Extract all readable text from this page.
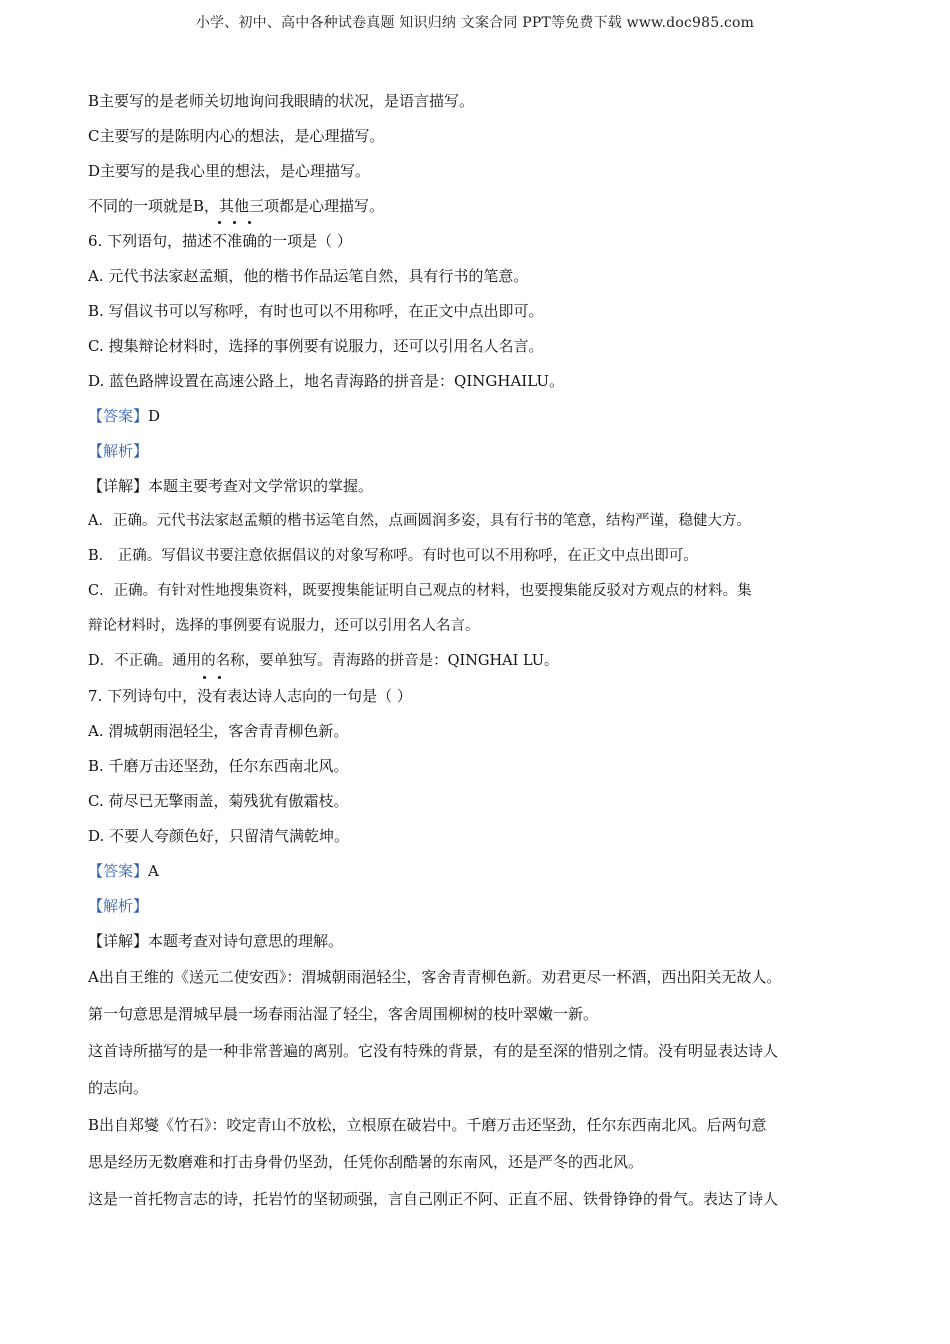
小学、初中、高中各种试卷真题 知识归纳 文案合同 PPT等免费下载 www.doc985.com
B主要写的是老师关切地询问我眼睛的状况，是语言描写。
C主要写的是陈明内心的想法，是心理描写。
D主要写的是我心里的想法，是心理描写。
不同的一项就是B，其他三项都是心理描写。
6. 下列语句，描述不准确的一项是（ ）
A. 元代书法家赵孟頫，他的楷书作品运笔自然，具有行书的笔意。
B. 写倡议书可以写称呼，有时也可以不用称呼，在正文中点出即可。
C. 搜集辩论材料时，选择的事例要有说服力，还可以引用名人名言。
D. 蓝色路牌设置在高速公路上，地名青海路的拼音是：QINGHAILU。
【答案】D
【解析】
【详解】本题主要考查对文学常识的掌握。
A．正确。元代书法家赵孟頫的楷书运笔自然，点画圆润多姿，具有行书的笔意，结构严谨，稳健大方。
B． 正确。写倡议书要注意依据倡议的对象写称呼。有时也可以不用称呼，在正文中点出即可。
C．正确。有针对性地搜集资料，既要搜集能证明自己观点的材料，也要搜集能反驳对方观点的材料。集
辩论材料时，选择的事例要有说服力，还可以引用名人名言。
D．不正确。通用的名称，要单独写。青海路的拼音是：QINGHAI LU。
7. 下列诗句中，没有表达诗人志向的一句是（ ）
A. 渭城朝雨浥轻尘，客舍青青柳色新。
B. 千磨万击还坚劲，任尔东西南北风。
C. 荷尽已无擎雨盖，菊残犹有傲霜枝。
D. 不要人夸颜色好，只留清气满乾坤。
【答案】A
【解析】
【详解】本题考查对诗句意思的理解。
A出自王维的《送元二使安西》：渭城朝雨浥轻尘，客舍青青柳色新。劝君更尽一杯酒，西出阳关无故人。
第一句意思是渭城早晨一场春雨沾湿了轻尘，客舍周围柳树的枝叶翠嫩一新。
这首诗所描写的是一种非常普遍的离别。它没有特殊的背景，有的是至深的惜别之情。没有明显表达诗人
的志向。
B出自郑燮《竹石》：咬定青山不放松，立根原在破岩中。千磨万击还坚劲，任尔东西南北风。后两句意
思是经历无数磨难和打击身骨仍坚劲，任凭你刮酷暑的东南风，还是严冬的西北风。
这是一首托物言志的诗，托岩竹的坚韧顽强，言自己刚正不阿、正直不屈、铁骨铮铮的骨气。表达了诗人
